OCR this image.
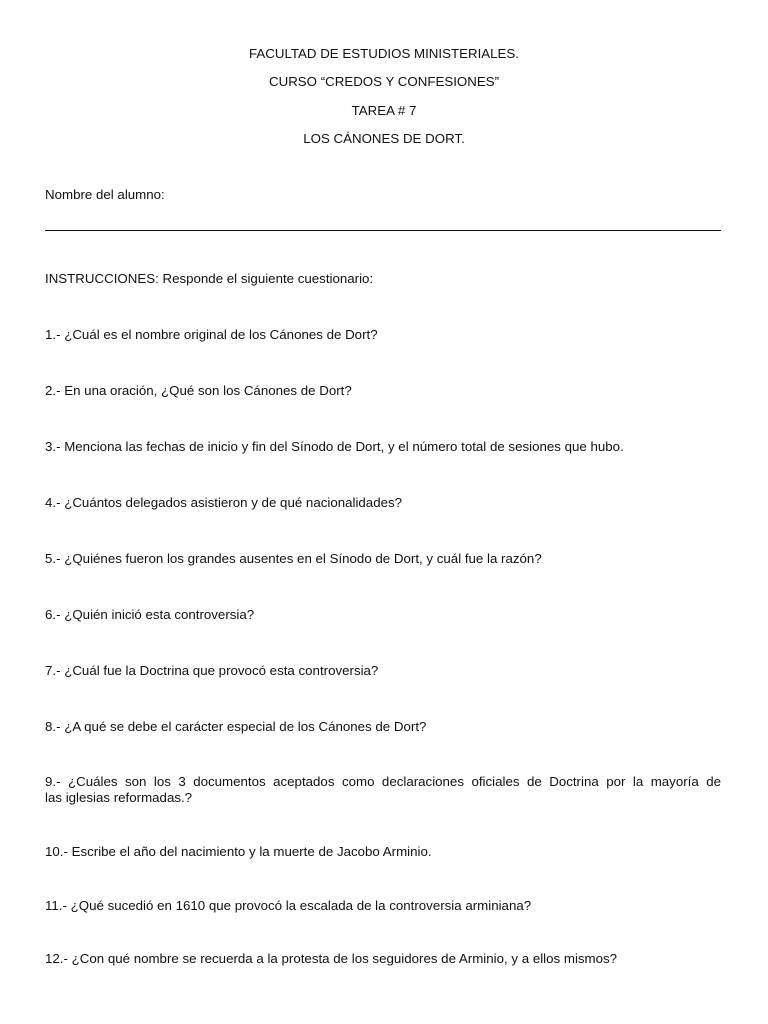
FACULTAD DE ESTUDIOS MINISTERIALES.
CURSO “CREDOS Y CONFESIONES”
TAREA # 7
LOS CÁNONES DE DORT.
Nombre del alumno:
INSTRUCCIONES: Responde el siguiente cuestionario:
1.- ¿Cuál es el nombre original de los Cánones de Dort?
2.- En una oración, ¿Qué son los Cánones de Dort?
3.- Menciona las fechas de inicio y fin del Sínodo de Dort, y el número total de sesiones que hubo.
4.- ¿Cuántos delegados asistieron y de qué nacionalidades?
5.- ¿Quiénes fueron los grandes ausentes en el Sínodo de Dort, y cuál fue la razón?
6.- ¿Quién inició esta controversia?
7.- ¿Cuál fue la Doctrina que provocó esta controversia?
8.- ¿A qué se debe el carácter especial de los Cánones de Dort?
9.- ¿Cuáles son los 3 documentos aceptados como declaraciones oficiales de Doctrina por la mayoría de
las iglesias reformadas.?
10.- Escribe el año del nacimiento y la muerte de Jacobo Arminio.
11.- ¿Qué sucedió en 1610 que provocó la escalada de la controversia arminiana?
12.- ¿Con qué nombre se recuerda a la protesta de los seguidores de Arminio, y a ellos mismos?
